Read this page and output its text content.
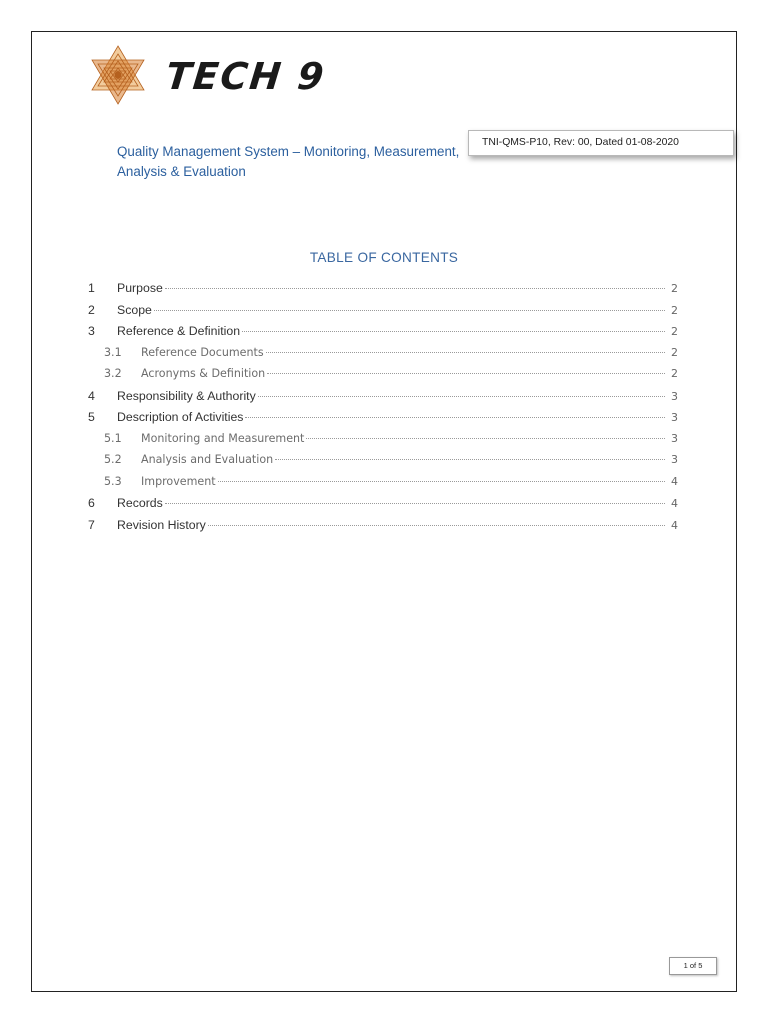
TECH 9
Quality Management System – Monitoring, Measurement, Analysis & Evaluation
TNI-QMS-P10, Rev: 00, Dated 01-08-2020
TABLE OF CONTENTS
1	Purpose	2
2	Scope	2
3	Reference & Definition	2
3.1	Reference Documents	2
3.2	Acronyms & Definition	2
4	Responsibility & Authority	3
5	Description of Activities	3
5.1	Monitoring and Measurement	3
5.2	Analysis and Evaluation	3
5.3	Improvement	4
6	Records	4
7	Revision History	4
1 of 5
